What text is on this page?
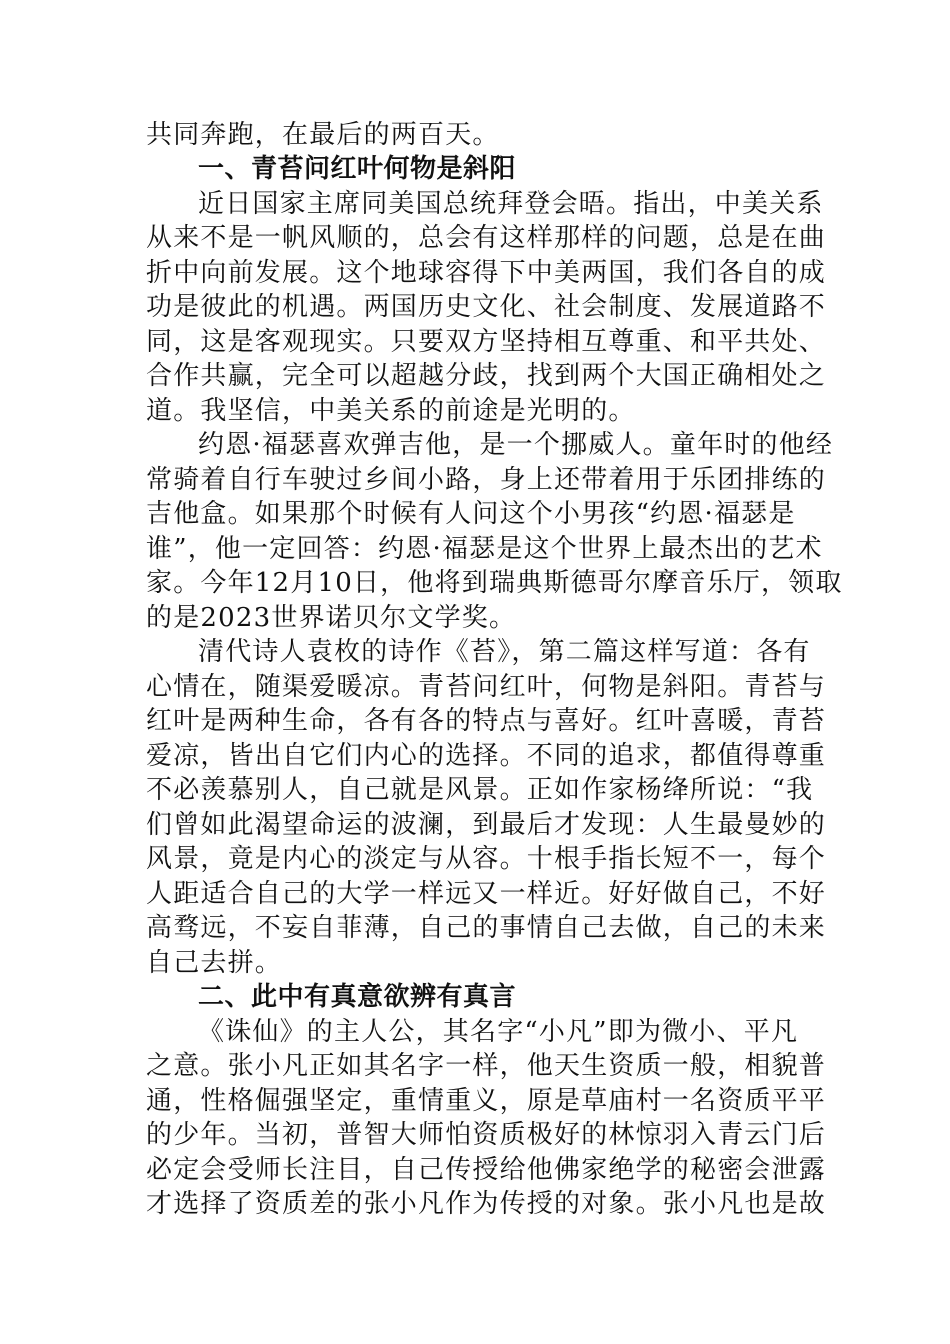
共同奔跑，在最后的两百天。
一、青苔问红叶何物是斜阳
近日国家主席同美国总统拜登会晤。指出，中美关系
从来不是一帆风顺的，总会有这样那样的问题，总是在曲
折中向前发展。这个地球容得下中美两国，我们各自的成
功是彼此的机遇。两国历史文化、社会制度、发展道路不
同，这是客观现实。只要双方坚持相互尊重、和平共处、
合作共赢，完全可以超越分歧，找到两个大国正确相处之
道。我坚信，中美关系的前途是光明的。
约恩·福瑟喜欢弹吉他，是一个挪威人。童年时的他经
常骑着自行车驶过乡间小路，身上还带着用于乐团排练的
吉他盒。如果那个时候有人问这个小男孩“约恩·福瑟是
谁”，他一定回答：约恩·福瑟是这个世界上最杰出的艺术
家。今年12月10日，他将到瑞典斯德哥尔摩音乐厅，领取
的是2023世界诺贝尔文学奖。
清代诗人袁枚的诗作《苔》，第二篇这样写道：各有
心情在，随渠爱暖凉。青苔问红叶，何物是斜阳。青苔与
红叶是两种生命，各有各的特点与喜好。红叶喜暖，青苔
爱凉，皆出自它们内心的选择。不同的追求，都值得尊重
不必羡慕别人，自己就是风景。正如作家杨绛所说：“我
们曾如此渴望命运的波澜，到最后才发现：人生最曼妙的
风景，竟是内心的淡定与从容。十根手指长短不一，每个
人距适合自己的大学一样远又一样近。好好做自己，不好
高骛远，不妄自菲薄，自己的事情自己去做，自己的未来
自己去拼。
二、此中有真意欲辨有真言
《诛仙》的主人公，其名字“小凡”即为微小、平凡
之意。张小凡正如其名字一样，他天生资质一般，相貌普
通，性格倔强坚定，重情重义，原是草庙村一名资质平平
的少年。当初，普智大师怕资质极好的林惊羽入青云门后
必定会受师长注目，自己传授给他佛家绝学的秘密会泄露
才选择了资质差的张小凡作为传授的对象。张小凡也是故
